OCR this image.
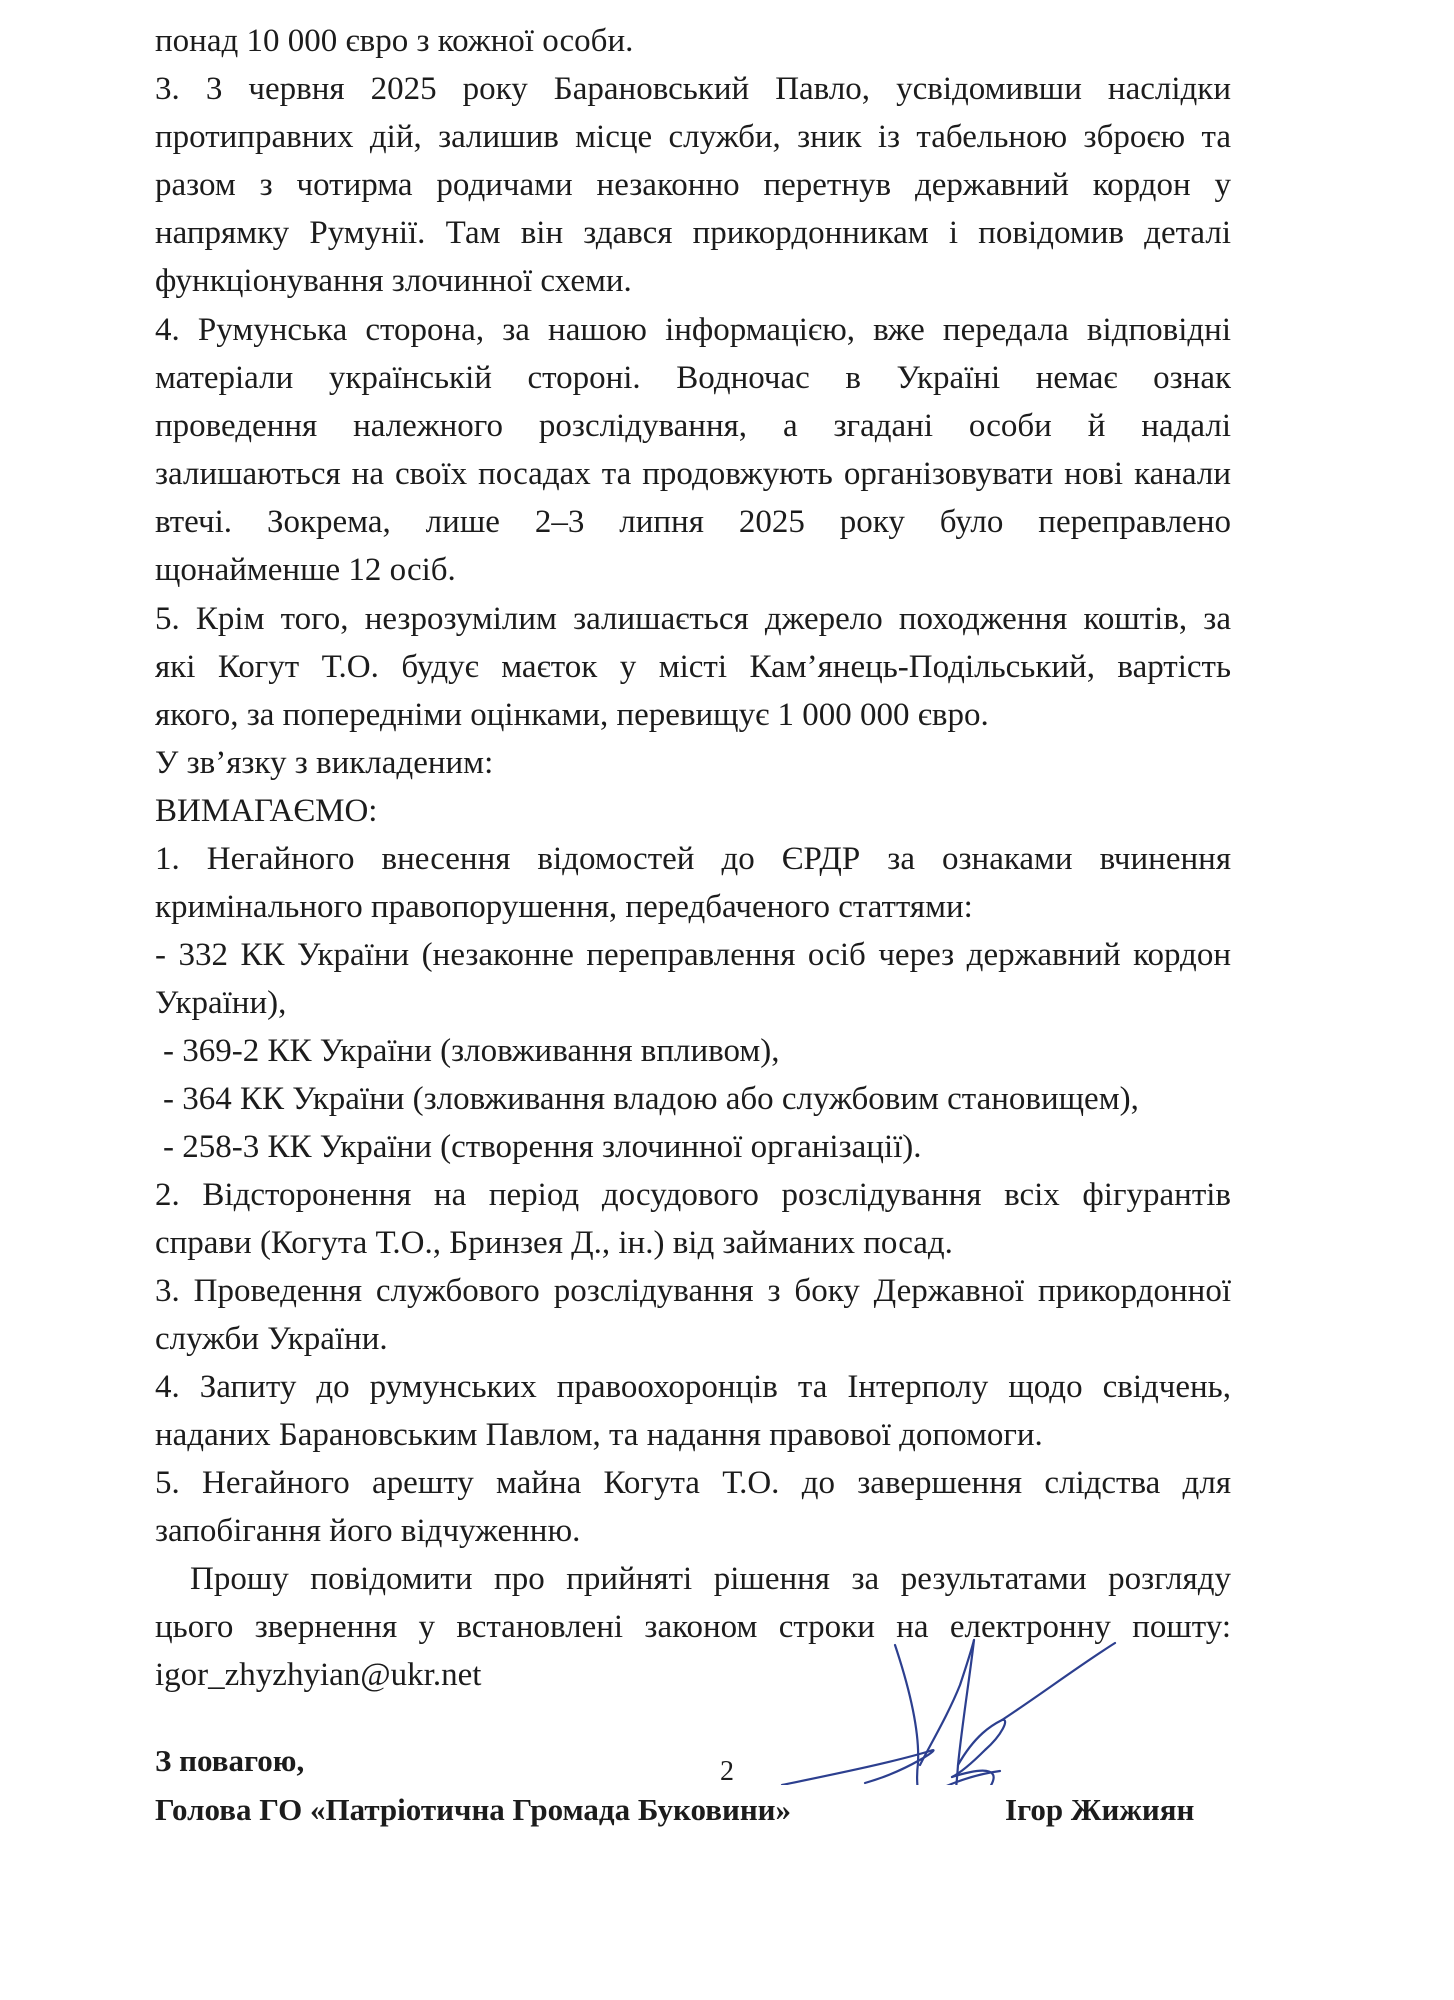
понад 10 000 євро з кожної особи.
3. 3 червня 2025 року Барановський Павло, усвідомивши наслідки
протиправних дій, залишив місце служби, зник із табельною зброєю та
разом з чотирма родичами незаконно перетнув державний кордон у
напрямку Румунії. Там він здався прикордонникам і повідомив деталі
функціонування злочинної схеми.
4. Румунська сторона, за нашою інформацією, вже передала відповідні
матеріали українській стороні. Водночас в Україні немає ознак
проведення належного розслідування, а згадані особи й надалі
залишаються на своїх посадах та продовжують організовувати нові канали
втечі. Зокрема, лише 2–3 липня 2025 року було переправлено
щонайменше 12 осіб.
5. Крім того, незрозумілим залишається джерело походження коштів, за
які Когут Т.О. будує маєток у місті Кам’янець-Подільський, вартість
якого, за попередніми оцінками, перевищує 1 000 000 євро.
У зв’язку з викладеним:
ВИМАГАЄМО:
1. Негайного внесення відомостей до ЄРДР за ознаками вчинення
кримінального правопорушення, передбаченого статтями:
- 332 КК України (незаконне переправлення осіб через державний кордон
України),
- 369-2 КК України (зловживання впливом),
- 364 КК України (зловживання владою або службовим становищем),
- 258-3 КК України (створення злочинної організації).
2. Відсторонення на період досудового розслідування всіх фігурантів
справи (Когута Т.О., Бринзея Д., ін.) від займаних посад.
3. Проведення службового розслідування з боку Державної прикордонної
служби України.
4. Запиту до румунських правоохоронців та Інтерполу щодо свідчень,
наданих Барановським Павлом, та надання правової допомоги.
5. Негайного арешту майна Когута Т.О. до завершення слідства для
запобігання його відчуженню.
Прошу повідомити про прийняті рішення за результатами розгляду
цього звернення у встановлені законом строки на електронну пошту:
igor_zhyzhyian@ukr.net
З повагою,
Голова ГО «Патріотична Громада Буковини»	Ігор Жижиян
2
